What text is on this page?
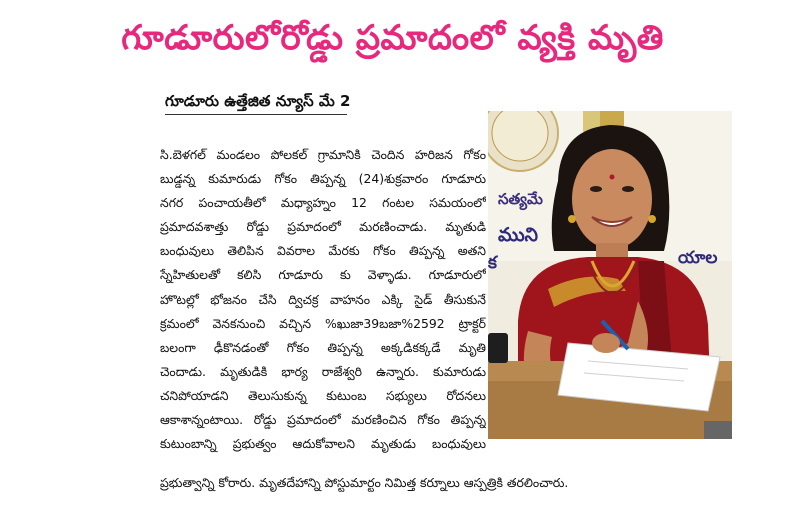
గూడూరులోరోడ్డు ప్రమాదంలో వ్యక్తి మృతి
గూడూరు ఉత్తేజిత న్యూస్ మే 2
సి.బెళగల్ మండలం పోలకల్ గ్రామానికి చెందిన హరిజన గోకం
బుడ్డన్న కుమారుడు గోకం తిప్పన్న (24)శుక్రవారం గూడూరు
నగర పంచాయతీలో మధ్యాహ్నం 12 గంటల సమయంలో
ప్రమాదవశాత్తు రోడ్డు ప్రమాదంలో మరణించాడు. మృతుడి
బంధువులు తెలిపిన వివరాల మేరకు గోకం తిప్పన్న అతని
స్నేహితులతో కలిసి గూడూరు కు వెళ్ళాడు. గూడూరులో
హొటల్లో భోజనం చేసి ద్విచక్ర వాహనం ఎక్కి సైడ్ తీసుకునే
క్రమంలో వెనకనుంచి వచ్చిన %ఖుజా39బజా%2592 ట్రాక్టర్
బలంగా ఢీకొనడంతో గోకం తిప్పన్న అక్కడికక్కడే మృతి
చెందాడు. మృతుడికి భార్య రాజేశ్వరి ఉన్నారు. కుమారుడు
చనిపోయాడని తెలుసుకున్న కుటుంబ సభ్యులు రోదనలు
ఆకాశాన్నంటాయి. రోడ్డు ప్రమాదంలో మరణించిన గోకం తిప్పన్న
కుటుంబాన్ని ప్రభుత్వం ఆదుకోవాలని మృతుడు బంధువులు
ప్రభుత్వాన్ని కోరారు. మృతదేహాన్ని పోస్టుమార్టం నిమిత్త కర్నూలు ఆస్పత్రికి తరలించారు.
సత్యమే
ముని
క	యాల
